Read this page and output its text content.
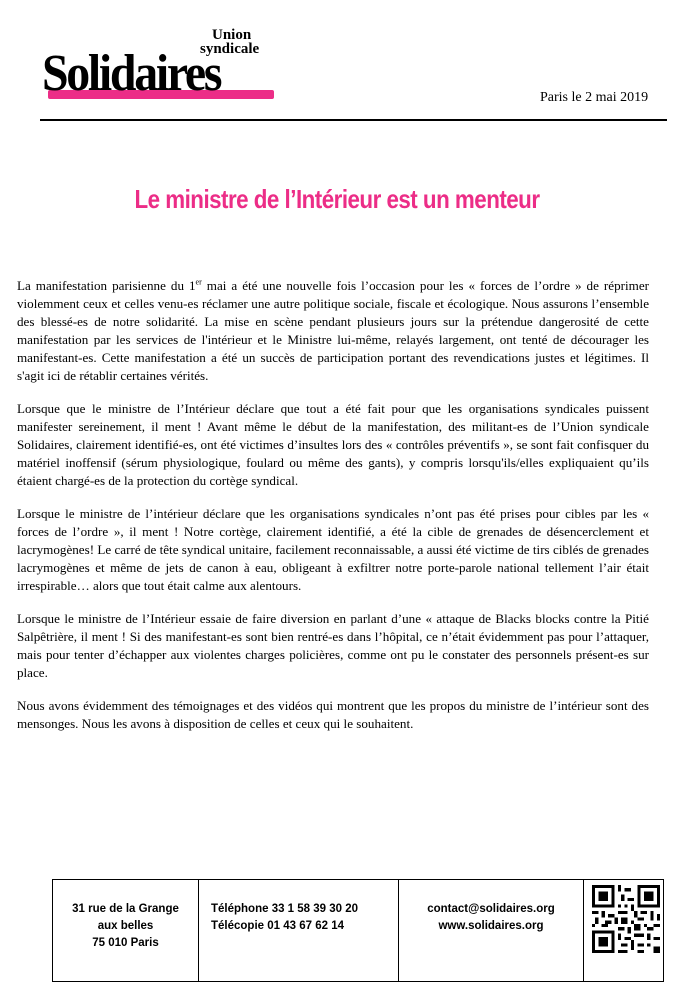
Union
syndicale
Solidaires	Paris le 2 mai 2019
Le ministre de l’Intérieur est un menteur

La manifestation parisienne du 1er mai a été une nouvelle fois l’occasion pour les « forces de l’ordre » de réprimer violemment ceux et celles venu-es réclamer une autre politique sociale, fiscale et écologique. Nous assurons l’ensemble des blessé-es de notre solidarité. La mise en scène pendant plusieurs jours sur la prétendue dangerosité de cette manifestation par les services de l'intérieur et le Ministre lui-même, relayés largement, ont tenté de décourager les manifestant-es. Cette manifestation a été un succès de participation portant des revendications justes et légitimes. Il s'agit ici de rétablir certaines vérités.

Lorsque que le ministre de l’Intérieur déclare que tout a été fait pour que les organisations syndicales puissent manifester sereinement, il ment ! Avant même le début de la manifestation, des militant-es de l’Union syndicale Solidaires, clairement identifié-es, ont été victimes d’insultes lors des « contrôles préventifs », se sont fait confisquer du matériel inoffensif (sérum physiologique, foulard ou même des gants), y compris lorsqu'ils/elles expliquaient qu’ils étaient chargé-es de la protection du cortège syndical.

Lorsque le ministre de l’intérieur déclare que les organisations syndicales n’ont pas été prises pour cibles par les « forces de l’ordre », il ment ! Notre cortège, clairement identifié, a été la cible de grenades de désencerclement et lacrymogènes! Le carré de tête syndical unitaire, facilement reconnaissable, a aussi été victime de tirs ciblés de grenades lacrymogènes et même de jets de canon à eau, obligeant à exfiltrer notre porte-parole national tellement l’air était irrespirable… alors que tout était calme aux alentours.

Lorsque le ministre de l’Intérieur essaie de faire diversion en parlant d’une « attaque de Blacks blocks contre la Pitié Salpêtrière, il ment ! Si des manifestant-es sont bien rentré-es dans l’hôpital, ce n’était évidemment pas pour l’attaquer, mais pour tenter d’échapper aux violentes charges policières, comme ont pu le constater des personnels présent-es sur place.

Nous avons évidemment des témoignages et des vidéos qui montrent que les propos du ministre de l’intérieur sont des mensonges. Nous les avons à disposition de celles et ceux qui le souhaitent.

31 rue de la Grange
aux belles
75 010 Paris
Téléphone 33 1 58 39 30 20
Télécopie 01 43 67 62 14
contact@solidaires.org
www.solidaires.org
